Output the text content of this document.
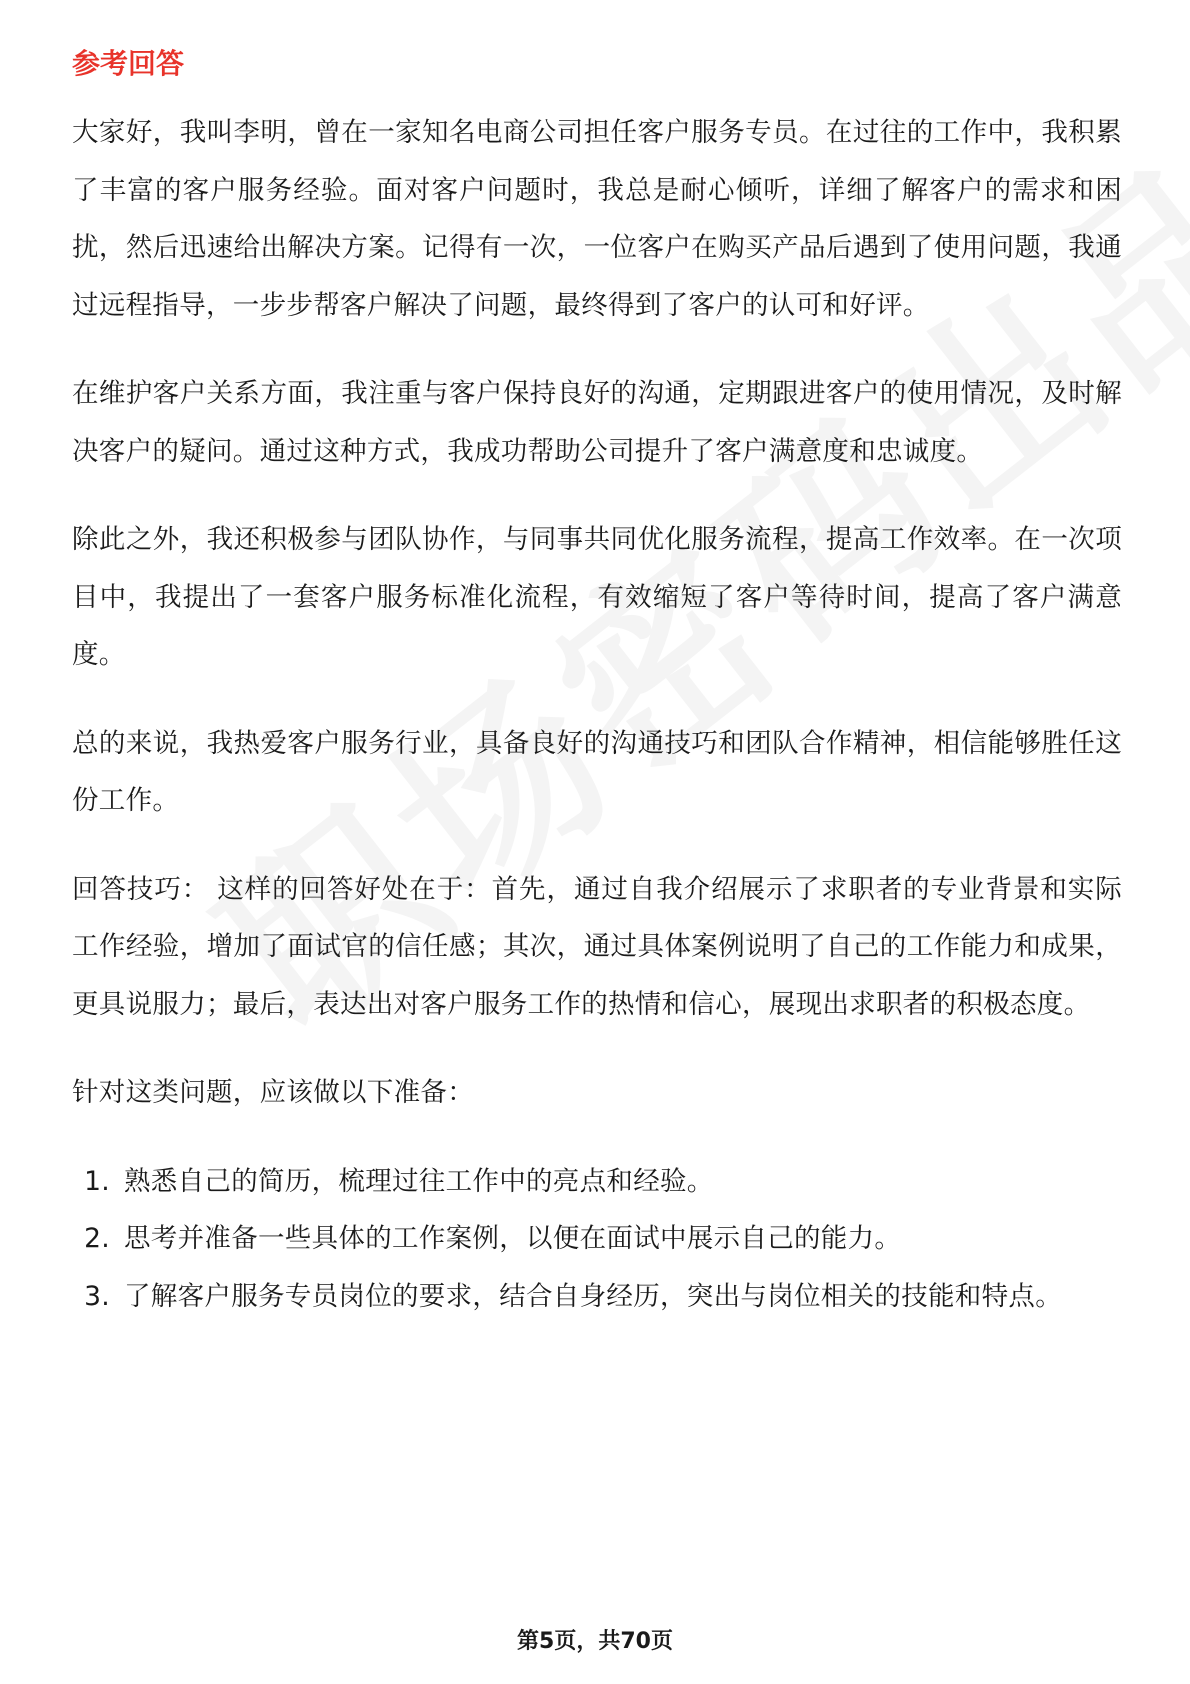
参考回答

大家好，我叫李明，曾在一家知名电商公司担任客户服务专员。在过往的工作中，我积累了丰富的客户服务经验。面对客户问题时，我总是耐心倾听，详细了解客户的需求和困扰，然后迅速给出解决方案。记得有一次，一位客户在购买产品后遇到了使用问题，我通过远程指导，一步步帮客户解决了问题，最终得到了客户的认可和好评。

在维护客户关系方面，我注重与客户保持良好的沟通，定期跟进客户的使用情况，及时解决客户的疑问。通过这种方式，我成功帮助公司提升了客户满意度和忠诚度。

除此之外，我还积极参与团队协作，与同事共同优化服务流程，提高工作效率。在一次项目中，我提出了一套客户服务标准化流程，有效缩短了客户等待时间，提高了客户满意度。

总的来说，我热爱客户服务行业，具备良好的沟通技巧和团队合作精神，相信能够胜任这份工作。

回答技巧： 这样的回答好处在于：首先，通过自我介绍展示了求职者的专业背景和实际工作经验，增加了面试官的信任感；其次，通过具体案例说明了自己的工作能力和成果，更具说服力；最后，表达出对客户服务工作的热情和信心，展现出求职者的积极态度。

针对这类问题，应该做以下准备：

1. 熟悉自己的简历，梳理过往工作中的亮点和经验。
2. 思考并准备一些具体的工作案例，以便在面试中展示自己的能力。
3. 了解客户服务专员岗位的要求，结合自身经历，突出与岗位相关的技能和特点。
第5页，共70页
